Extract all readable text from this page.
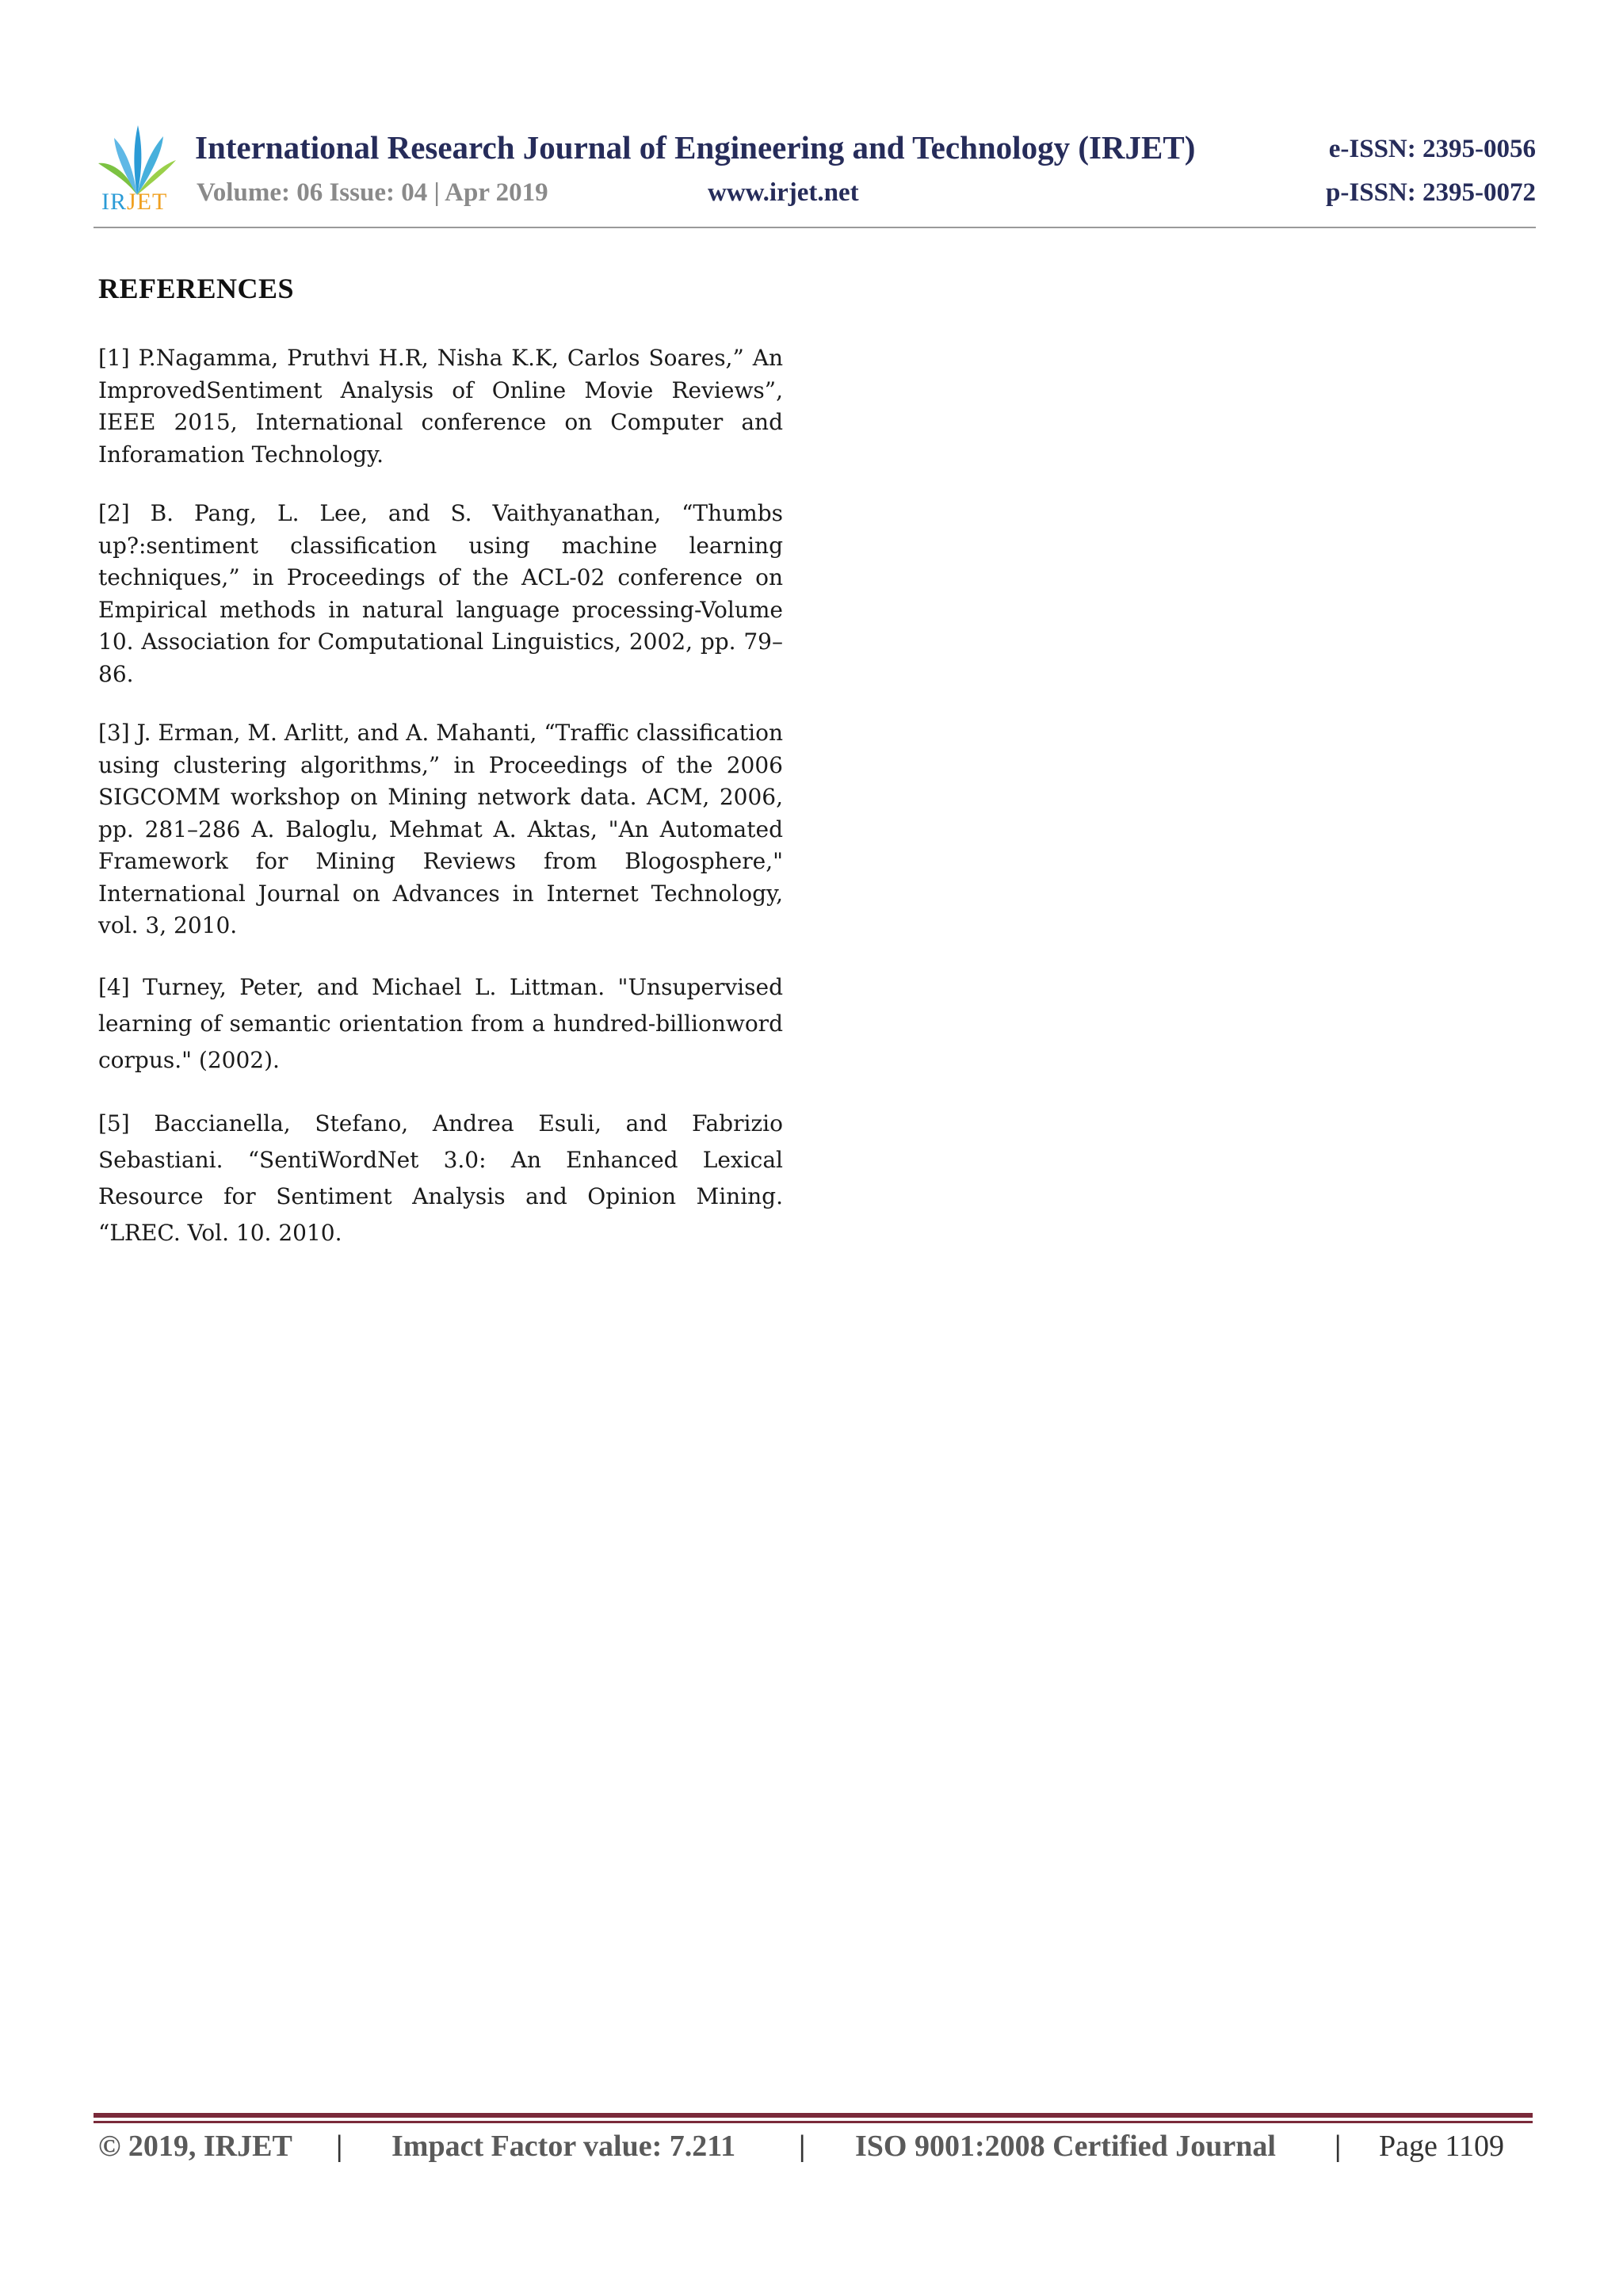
IRJET
International Research Journal of Engineering and Technology (IRJET)
Volume: 06 Issue: 04 | Apr 2019	www.irjet.net
e-ISSN: 2395-0056
p-ISSN: 2395-0072
REFERENCES

[1] P.Nagamma, Pruthvi H.R, Nisha K.K, Carlos Soares,” An ImprovedSentiment Analysis of Online Movie Reviews”, IEEE 2015, International conference on Computer and Inforamation Technology.

[2] B. Pang, L. Lee, and S. Vaithyanathan, “Thumbs up?:sentiment classification using machine learning techniques,” in Proceedings of the ACL-02 conference on Empirical methods in natural language processing-Volume 10. Association for Computational Linguistics, 2002, pp. 79–86.

[3] J. Erman, M. Arlitt, and A. Mahanti, “Traffic classification using clustering algorithms,” in Proceedings of the 2006 SIGCOMM workshop on Mining network data. ACM, 2006, pp. 281–286 A. Baloglu, Mehmat A. Aktas, "An Automated Framework for Mining Reviews from Blogosphere," International Journal on Advances in Internet Technology, vol. 3, 2010.

[4] Turney, Peter, and Michael L. Littman. "Unsupervised learning of semantic orientation from a hundred-billionword corpus." (2002).

[5] Baccianella, Stefano, Andrea Esuli, and Fabrizio Sebastiani. “SentiWordNet 3.0: An Enhanced Lexical Resource for Sentiment Analysis and Opinion Mining. “LREC. Vol. 10. 2010.

© 2019, IRJET | Impact Factor value: 7.211 | ISO 9001:2008 Certified Journal | Page 1109
